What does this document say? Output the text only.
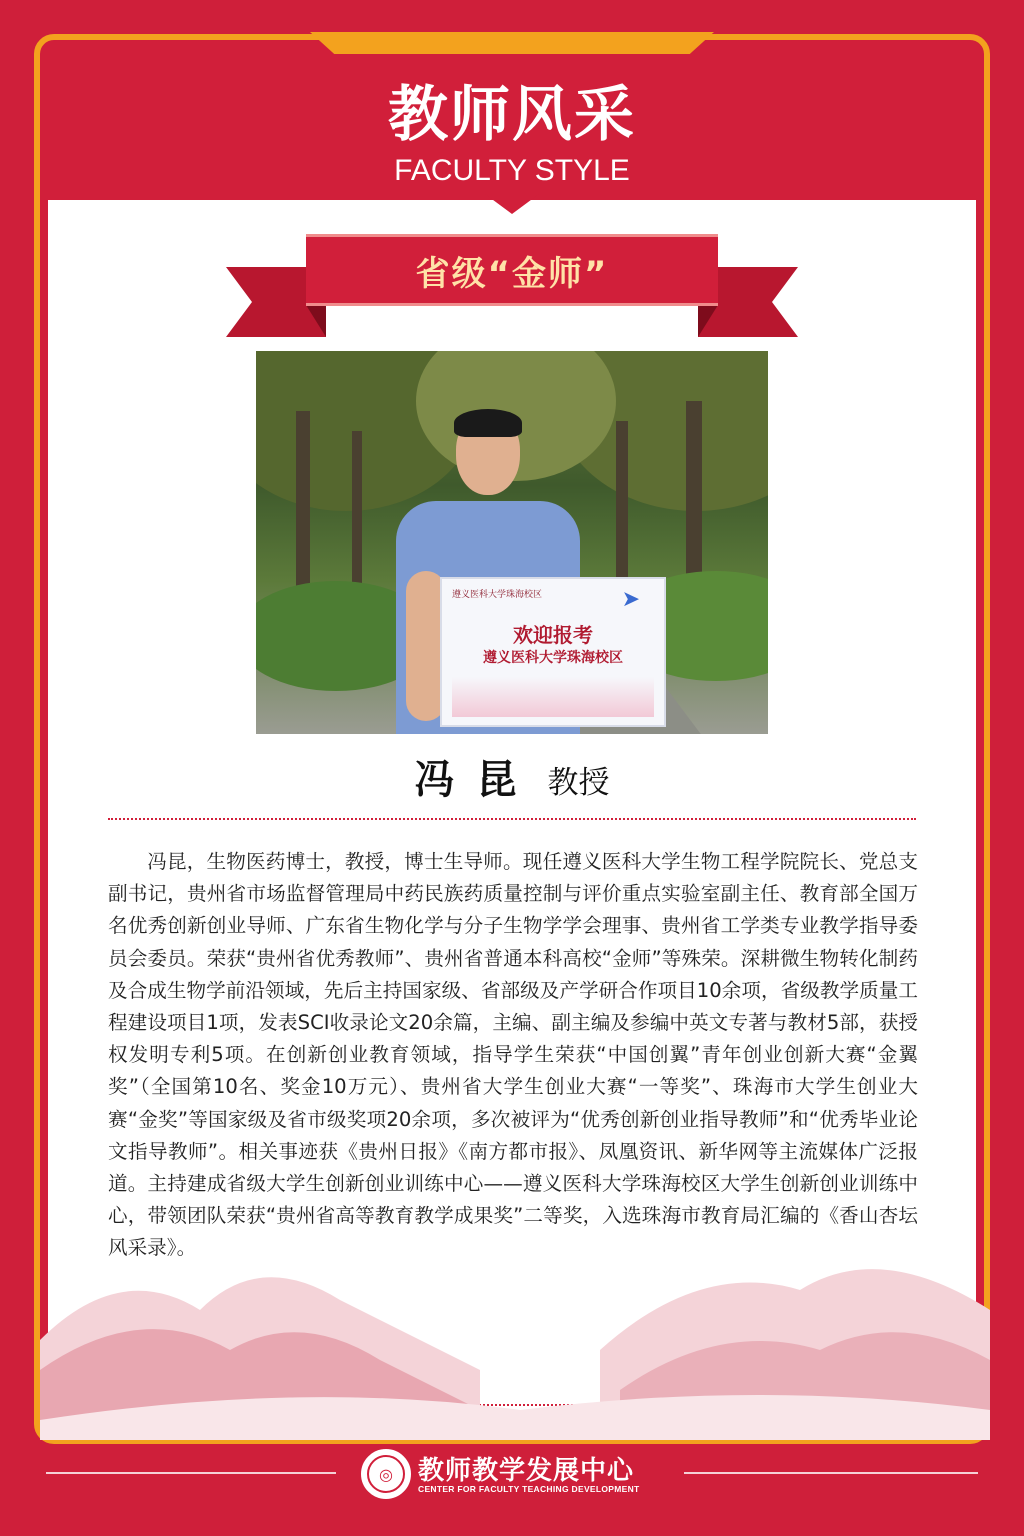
教师风采
FACULTY STYLE
省级“金师”
遵义医科大学珠海校区	➤
欢迎报考
遵义医科大学珠海校区
冯昆 教授
冯昆，生物医药博士，教授，博士生导师。现任遵义医科大学生物工程学院院长、党总支副书记，贵州省市场监督管理局中药民族药质量控制与评价重点实验室副主任、教育部全国万名优秀创新创业导师、广东省生物化学与分子生物学学会理事、贵州省工学类专业教学指导委员会委员。荣获“贵州省优秀教师”、贵州省普通本科高校“金师”等殊荣。深耕微生物转化制药及合成生物学前沿领域，先后主持国家级、省部级及产学研合作项目10余项，省级教学质量工程建设项目1项，发表SCI收录论文20余篇，主编、副主编及参编中英文专著与教材5部，获授权发明专利5项。在创新创业教育领域，指导学生荣获“中国创翼”青年创业创新大赛“金翼奖”（全国第10名、奖金10万元）、贵州省大学生创业大赛“一等奖”、珠海市大学生创业大赛“金奖”等国家级及省市级奖项20余项，多次被评为“优秀创新创业指导教师”和“优秀毕业论文指导教师”。相关事迹获《贵州日报》《南方都市报》、凤凰资讯、新华网等主流媒体广泛报道。主持建成省级大学生创新创业训练中心——遵义医科大学珠海校区大学生创新创业训练中心，带领团队荣获“贵州省高等教育教学成果奖”二等奖，入选珠海市教育局汇编的《香山杏坛风采录》。
◎ 教师教学发展中心
CENTER FOR FACULTY TEACHING DEVELOPMENT
